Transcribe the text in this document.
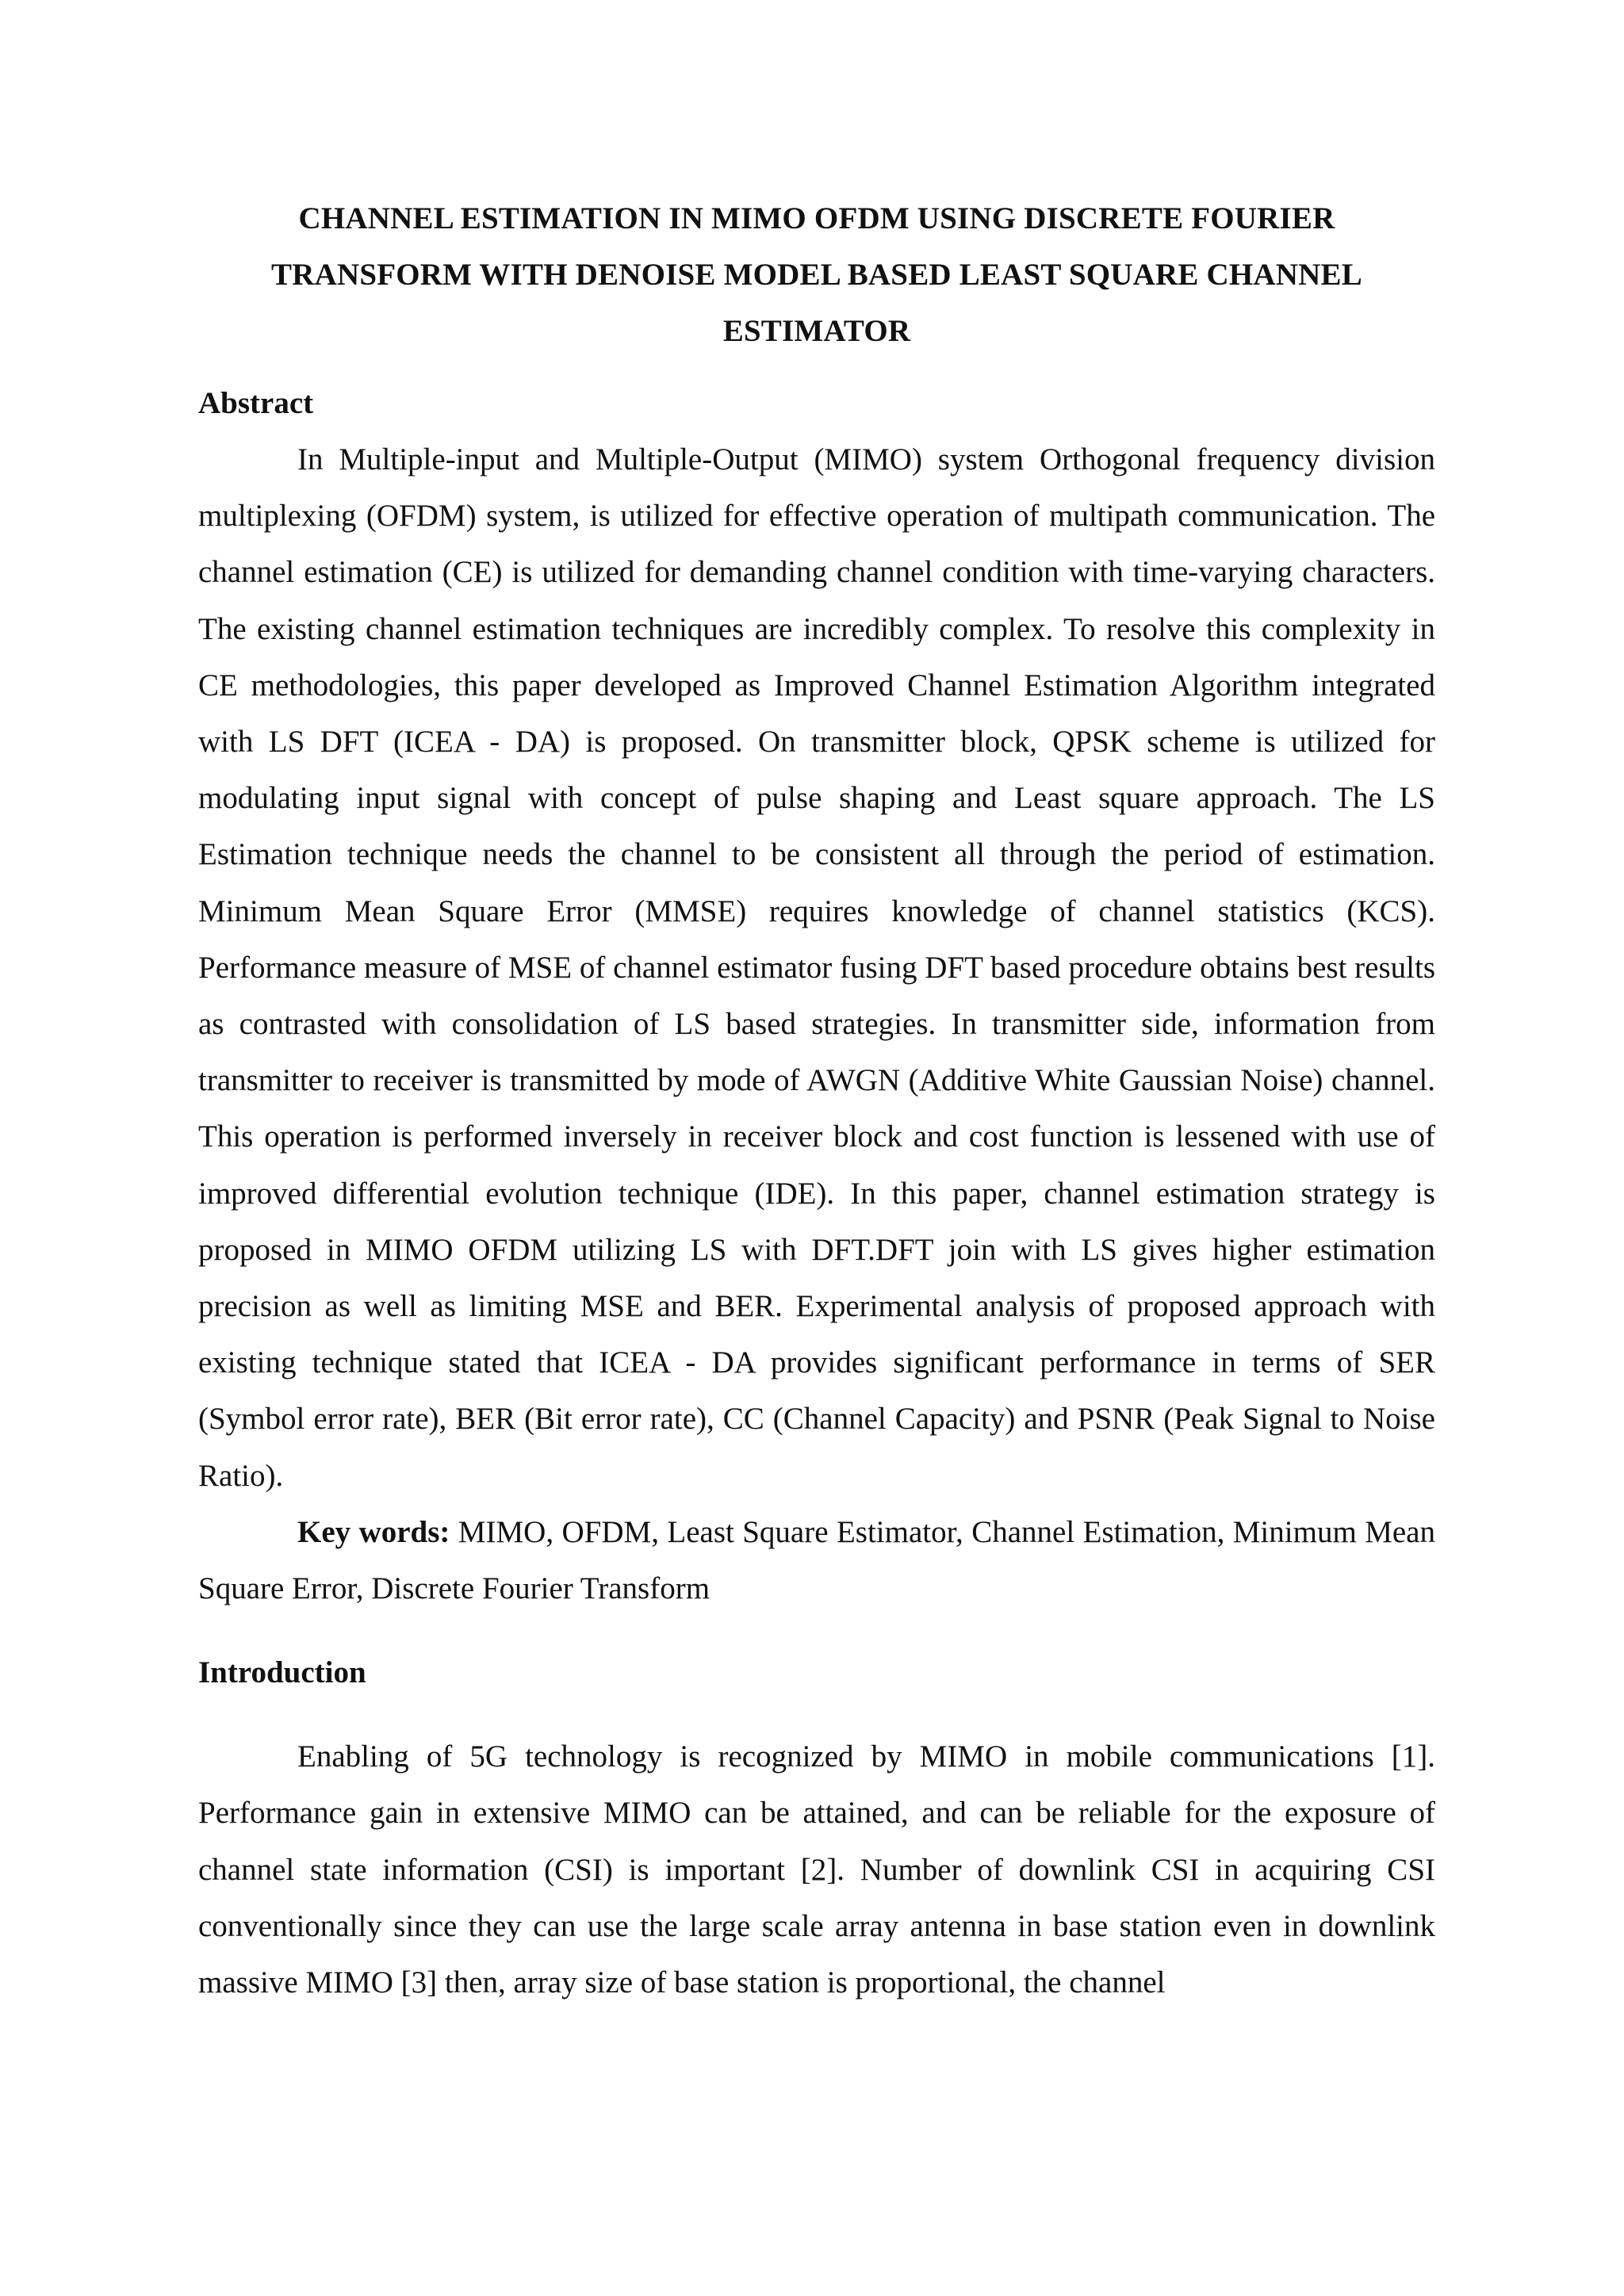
CHANNEL ESTIMATION IN MIMO OFDM USING DISCRETE FOURIER
TRANSFORM WITH DENOISE MODEL BASED LEAST SQUARE CHANNEL
ESTIMATOR
Abstract

In Multiple-input and Multiple-Output (MIMO) system Orthogonal frequency division multiplexing (OFDM) system, is utilized for effective operation of multipath communication. The channel estimation (CE) is utilized for demanding channel condition with time-varying characters. The existing channel estimation techniques are incredibly complex. To resolve this complexity in CE methodologies, this paper developed as Improved Channel Estimation Algorithm integrated with LS DFT (ICEA - DA) is proposed. On transmitter block, QPSK scheme is utilized for modulating input signal with concept of pulse shaping and Least square approach. The LS Estimation technique needs the channel to be consistent all through the period of estimation. Minimum Mean Square Error (MMSE) requires knowledge of channel statistics (KCS). Performance measure of MSE of channel estimator fusing DFT based procedure obtains best results as contrasted with consolidation of LS based strategies. In transmitter side, information from transmitter to receiver is transmitted by mode of AWGN (Additive White Gaussian Noise) channel. This operation is performed inversely in receiver block and cost function is lessened with use of improved differential evolution technique (IDE). In this paper, channel estimation strategy is proposed in MIMO OFDM utilizing LS with DFT.DFT join with LS gives higher estimation precision as well as limiting MSE and BER. Experimental analysis of proposed approach with existing technique stated that ICEA - DA provides significant performance in terms of SER (Symbol error rate), BER (Bit error rate), CC (Channel Capacity) and PSNR (Peak Signal to Noise Ratio).

Key words: MIMO, OFDM, Least Square Estimator, Channel Estimation, Minimum Mean Square Error, Discrete Fourier Transform

Introduction

Enabling of 5G technology is recognized by MIMO in mobile communications [1]. Performance gain in extensive MIMO can be attained, and can be reliable for the exposure of channel state information (CSI) is important [2]. Number of downlink CSI in acquiring CSI conventionally since they can use the large scale array antenna in base station even in downlink massive MIMO [3] then, array size of base station is proportional, the channel
